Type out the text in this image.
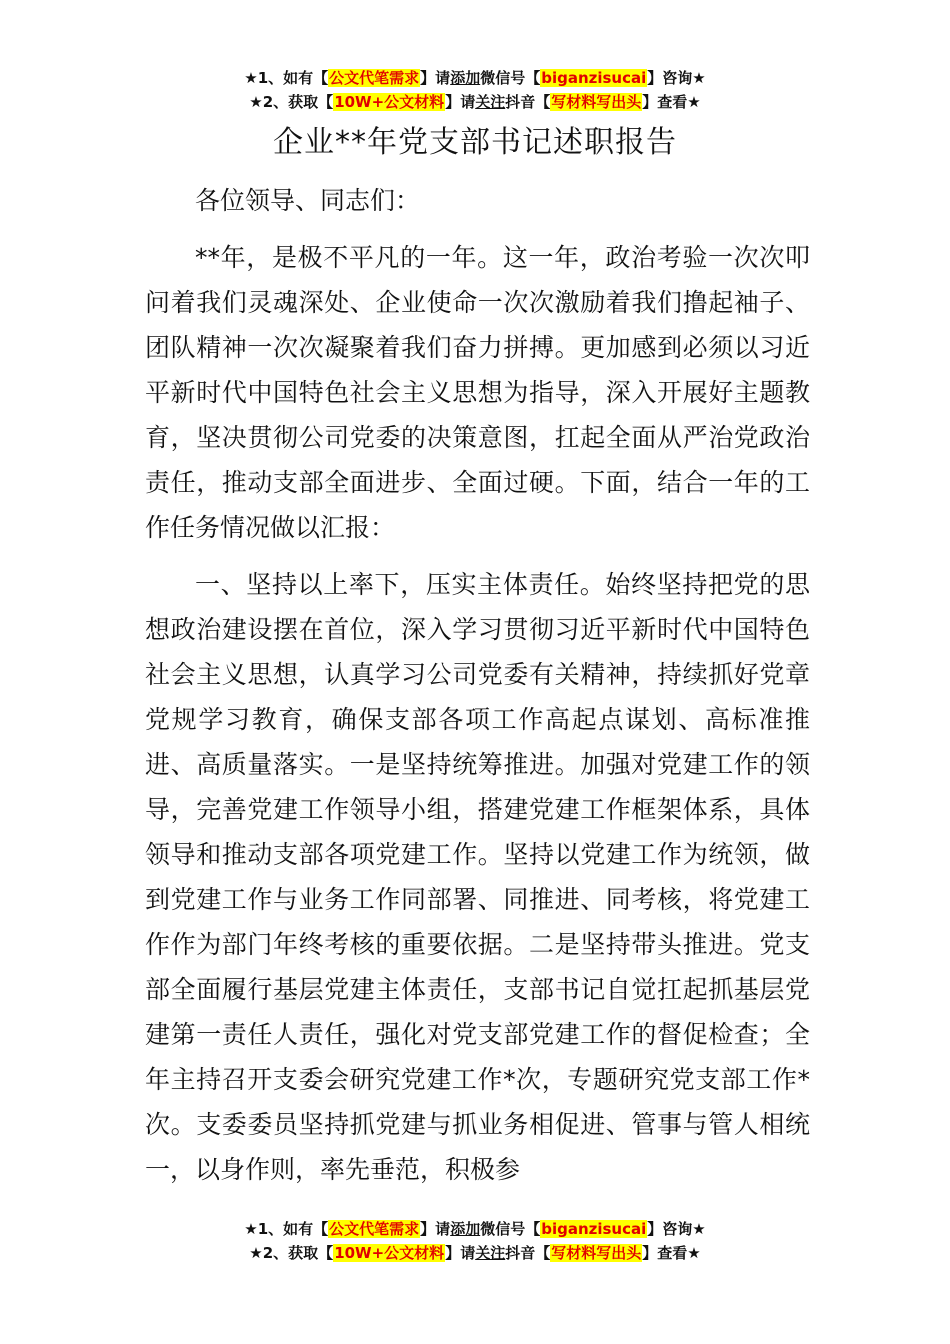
★1、如有【公文代笔需求】请添加微信号【biganzisucai】咨询★
★2、获取【10W+公文材料】请关注抖音【写材料写出头】查看★
企业**年党支部书记述职报告

各位领导、同志们：

**年，是极不平凡的一年。这一年，政治考验一次次叩问着我们灵魂深处、企业使命一次次激励着我们撸起袖子、团队精神一次次凝聚着我们奋力拼搏。更加感到必须以习近平新时代中国特色社会主义思想为指导，深入开展好主题教育，坚决贯彻公司党委的决策意图，扛起全面从严治党政治责任，推动支部全面进步、全面过硬。下面，结合一年的工作任务情况做以汇报：

一、坚持以上率下，压实主体责任。始终坚持把党的思想政治建设摆在首位，深入学习贯彻习近平新时代中国特色社会主义思想，认真学习公司党委有关精神，持续抓好党章党规学习教育，确保支部各项工作高起点谋划、高标准推进、高质量落实。一是坚持统筹推进。加强对党建工作的领导，完善党建工作领导小组，搭建党建工作框架体系，具体领导和推动支部各项党建工作。坚持以党建工作为统领，做到党建工作与业务工作同部署、同推进、同考核，将党建工作作为部门年终考核的重要依据。二是坚持带头推进。党支部全面履行基层党建主体责任，支部书记自觉扛起抓基层党建第一责任人责任，强化对党支部党建工作的督促检查；全年主持召开支委会研究党建工作*次，专题研究党支部工作*次。支委委员坚持抓党建与抓业务相促进、管事与管人相统一，以身作则，率先垂范，积极参

★1、如有【公文代笔需求】请添加微信号【biganzisucai】咨询★
★2、获取【10W+公文材料】请关注抖音【写材料写出头】查看★
